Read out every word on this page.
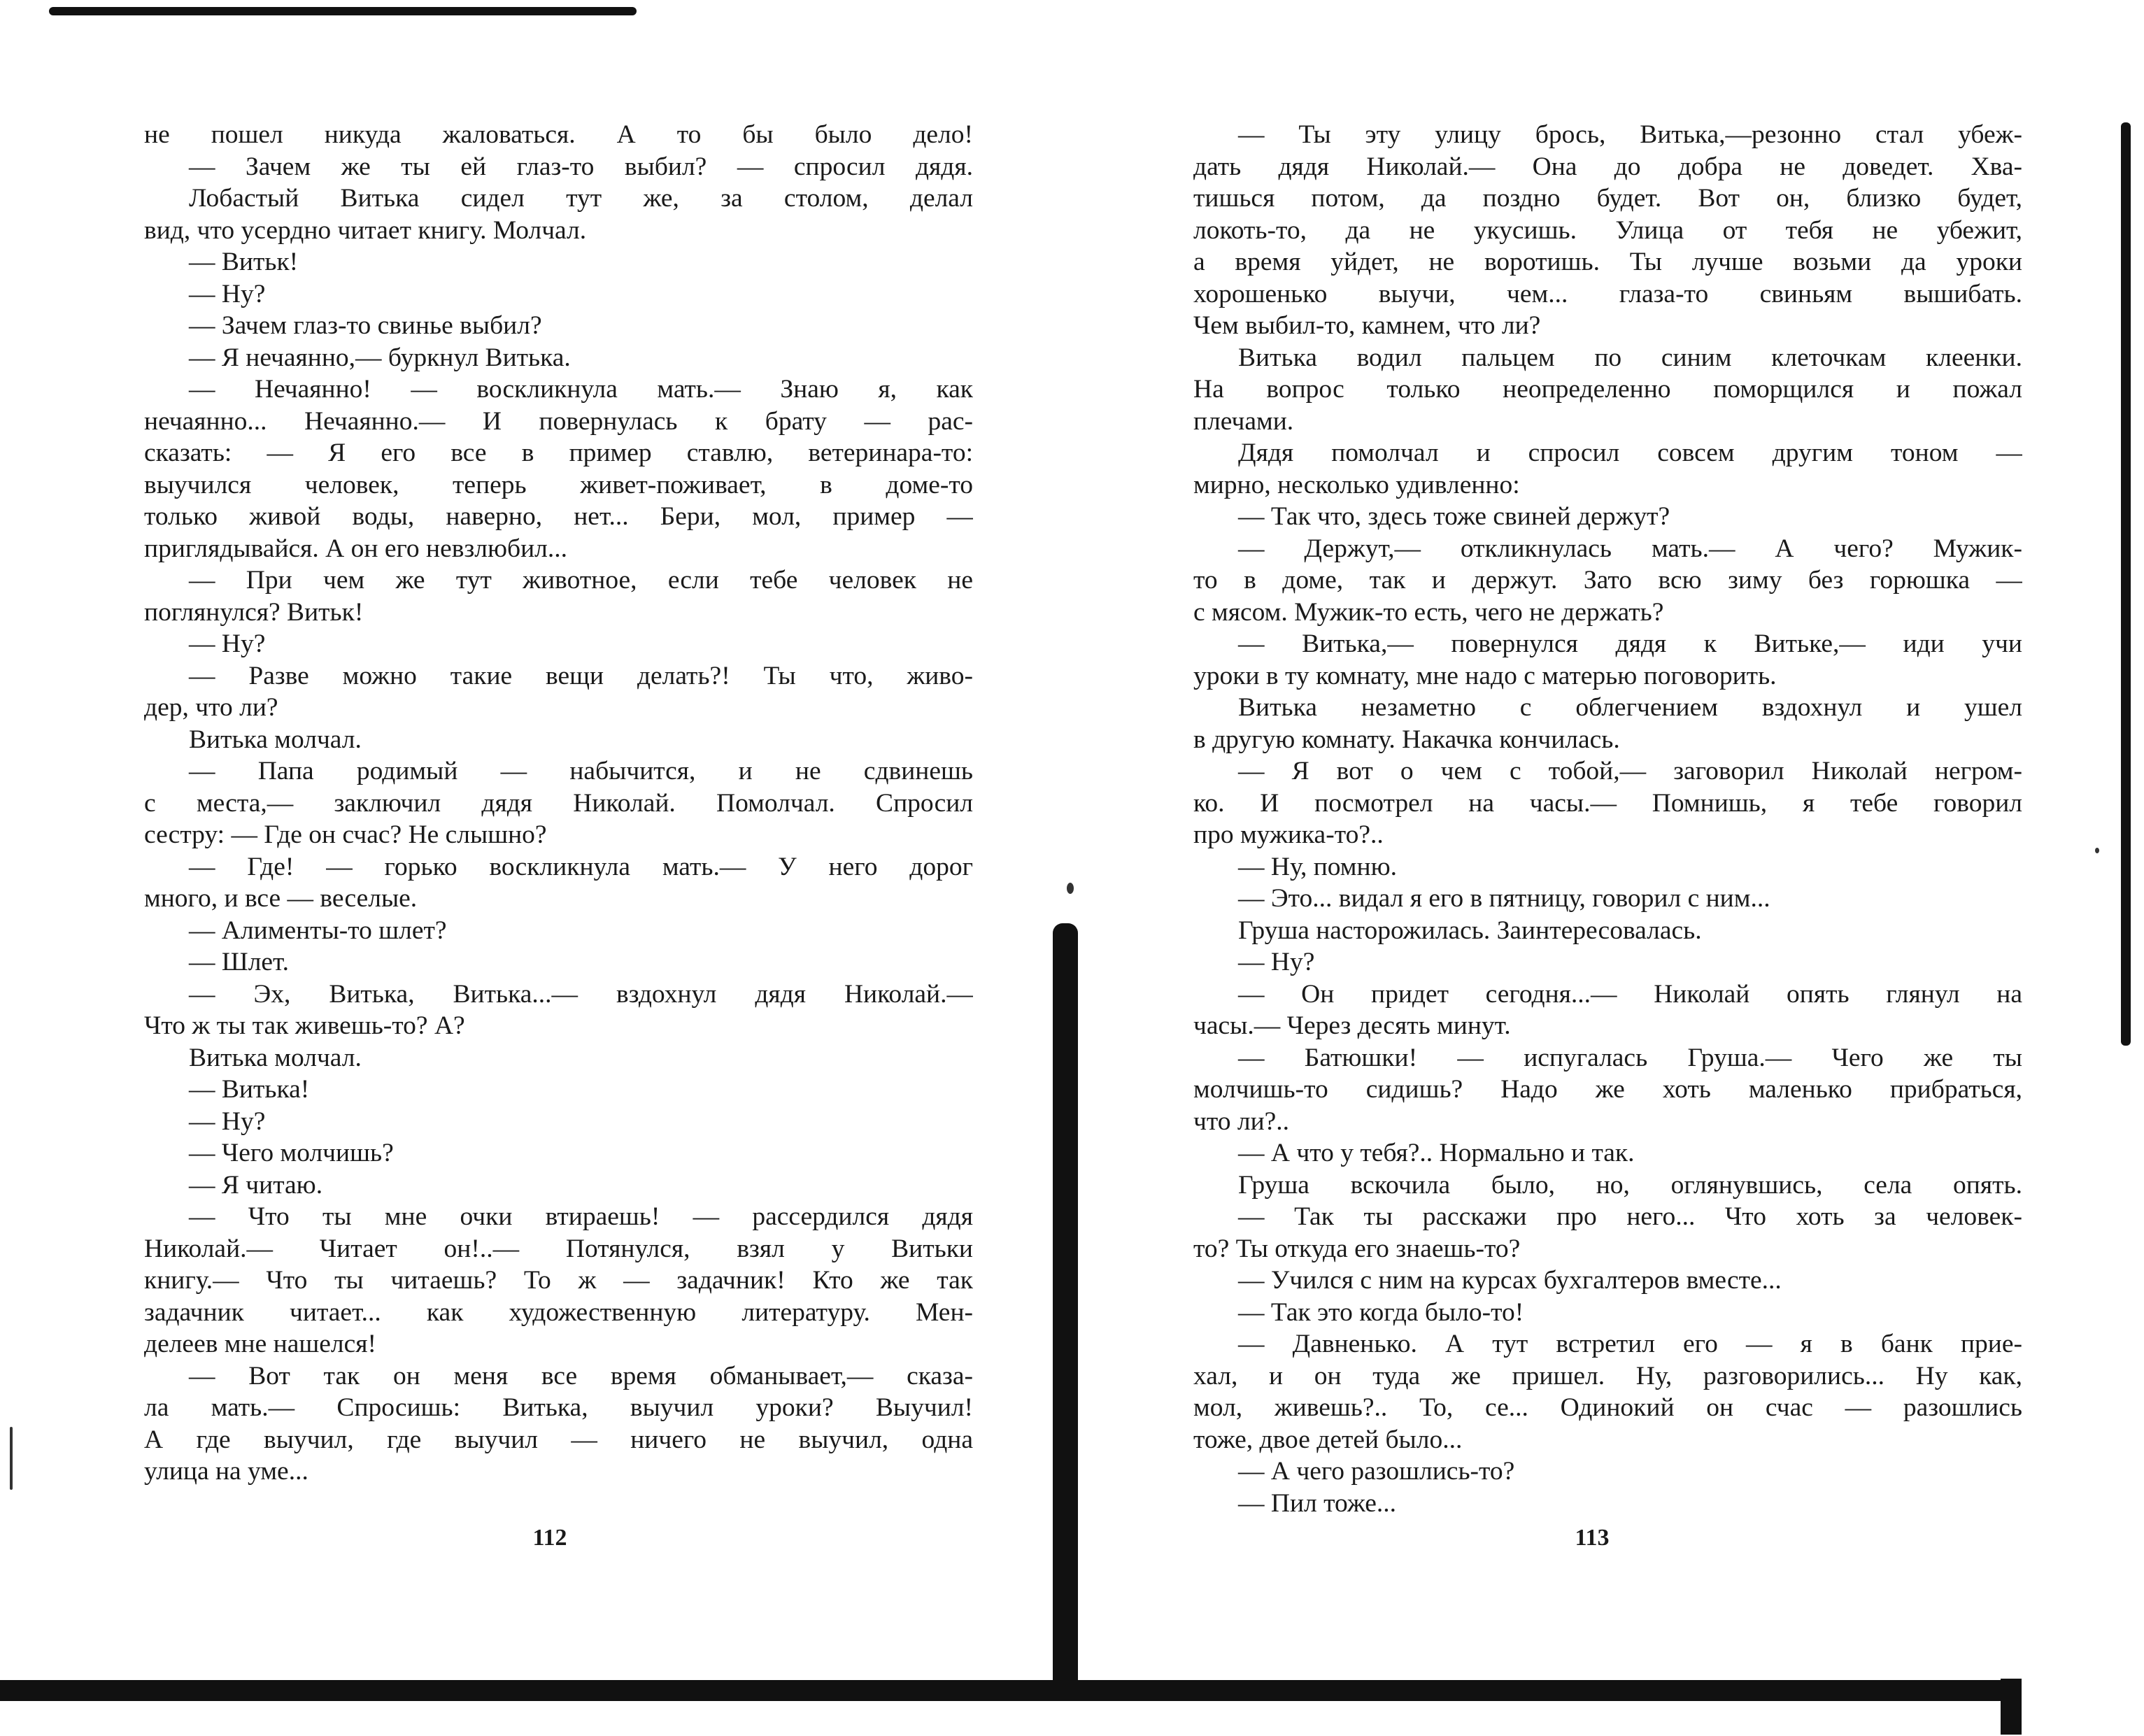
не пошел никуда жаловаться. А то бы было дело!
— Зачем же ты ей глаз-то выбил? — спросил дядя.
Лобастый Витька сидел тут же, за столом, делал
вид, что усердно читает книгу. Молчал.
— Витьк!
— Ну?
— Зачем глаз-то свинье выбил?
— Я нечаянно,— буркнул Витька.
— Нечаянно! — воскликнула мать.— Знаю я, как
нечаянно... Нечаянно.— И повернулась к брату — рас-
сказать: — Я его все в пример ставлю, ветеринара-то:
выучился человек, теперь живет-поживает, в доме-то
только живой воды, наверно, нет... Бери, мол, пример —
приглядывайся. А он его невзлюбил...
— При чем же тут животное, если тебе человек не
поглянулся? Витьк!
— Ну?
— Разве можно такие вещи делать?! Ты что, живо-
дер, что ли?
Витька молчал.
— Папа родимый — набычится, и не сдвинешь
с места,— заключил дядя Николай. Помолчал. Спросил
сестру: — Где он счас? Не слышно?
— Где! — горько воскликнула мать.— У него дорог
много, и все — веселые.
— Алименты-то шлет?
— Шлет.
— Эх, Витька, Витька...— вздохнул дядя Николай.—
Что ж ты так живешь-то? А?
Витька молчал.
— Витька!
— Ну?
— Чего молчишь?
— Я читаю.
— Что ты мне очки втираешь! — рассердился дядя
Николай.— Читает он!..— Потянулся, взял у Витьки
книгу.— Что ты читаешь? То ж — задачник! Кто же так
задачник читает... как художественную литературу. Мен-
делеев мне нашелся!
— Вот так он меня все время обманывает,— сказа-
ла мать.— Спросишь: Витька, выучил уроки? Выучил!
А где выучил, где выучил — ничего не выучил, одна
улица на уме...
112
— Ты эту улицу брось, Витька,—резонно стал убеж-
дать дядя Николай.— Она до добра не доведет. Хва-
тишься потом, да поздно будет. Вот он, близко будет,
локоть-то, да не укусишь. Улица от тебя не убежит,
а время уйдет, не воротишь. Ты лучше возьми да уроки
хорошенько выучи, чем... глаза-то свиньям вышибать.
Чем выбил-то, камнем, что ли?
Витька водил пальцем по синим клеточкам клеенки.
На вопрос только неопределенно поморщился и пожал
плечами.
Дядя помолчал и спросил совсем другим тоном —
мирно, несколько удивленно:
— Так что, здесь тоже свиней держут?
— Держут,— откликнулась мать.— А чего? Мужик-
то в доме, так и держут. Зато всю зиму без горюшка —
с мясом. Мужик-то есть, чего не держать?
— Витька,— повернулся дядя к Витьке,— иди учи
уроки в ту комнату, мне надо с матерью поговорить.
Витька незаметно с облегчением вздохнул и ушел
в другую комнату. Накачка кончилась.
— Я вот о чем с тобой,— заговорил Николай негром-
ко. И посмотрел на часы.— Помнишь, я тебе говорил
про мужика-то?..
— Ну, помню.
— Это... видал я его в пятницу, говорил с ним...
Груша насторожилась. Заинтересовалась.
— Ну?
— Он придет сегодня...— Николай опять глянул на
часы.— Через десять минут.
— Батюшки! — испугалась Груша.— Чего же ты
молчишь-то сидишь? Надо же хоть маленько прибраться,
что ли?..
— А что у тебя?.. Нормально и так.
Груша вскочила было, но, оглянувшись, села опять.
— Так ты расскажи про него... Что хоть за человек-
то? Ты откуда его знаешь-то?
— Учился с ним на курсах бухгалтеров вместе...
— Так это когда было-то!
— Давненько. А тут встретил его — я в банк прие-
хал, и он туда же пришел. Ну, разговорились... Ну как,
мол, живешь?.. То, се... Одинокий он счас — разошлись
тоже, двое детей было...
— А чего разошлись-то?
— Пил тоже...
113
